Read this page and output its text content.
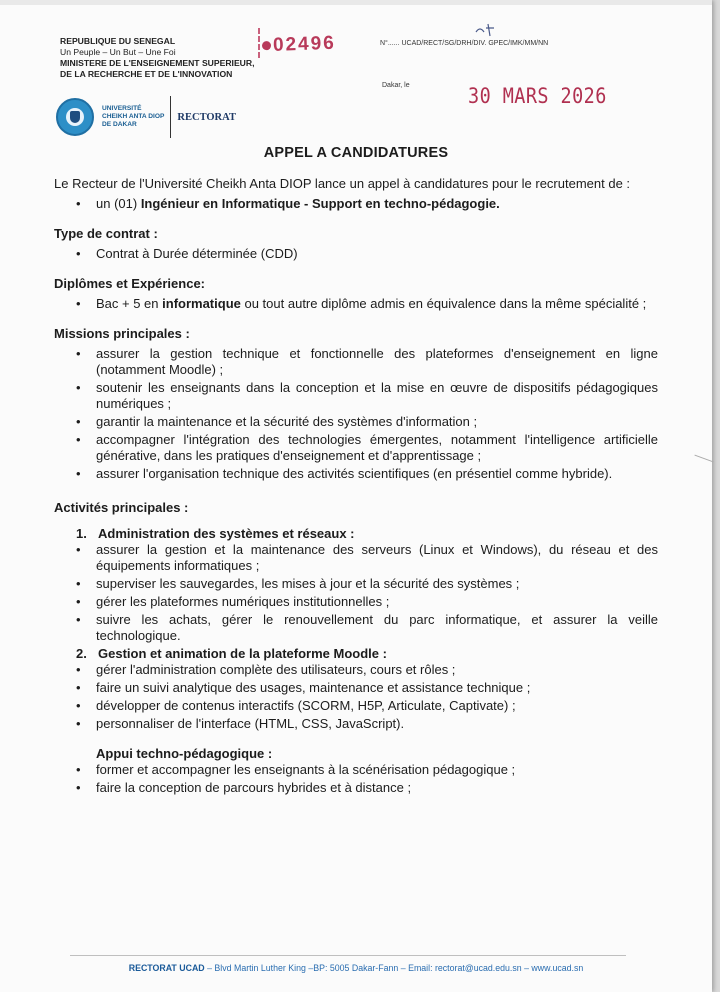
REPUBLIQUE DU SENEGAL
Un Peuple – Un But – Une Foi
MINISTERE DE L'ENSEIGNEMENT SUPERIEUR,
DE LA RECHERCHE ET DE L'INNOVATION
UNIVERSITÉ
CHEIKH ANTA DIOP
DE DAKAR
RECTORAT
02496	N°...... UCAD/RECT/SG/DRH/DIV. GPEC/IMK/MM/NN
Dakar, le	30 MARS 2026
APPEL A CANDIDATURES
Le Recteur de l'Université Cheikh Anta DIOP lance un appel à candidatures pour le recrutement de :
• un (01) Ingénieur en Informatique - Support en techno-pédagogie.
Type de contrat :
• Contrat à Durée déterminée (CDD)
Diplômes et Expérience:
• Bac + 5 en informatique ou tout autre diplôme admis en équivalence dans la même spécialité ;
Missions principales :
• assurer la gestion technique et fonctionnelle des plateformes d'enseignement en ligne (notamment Moodle) ;
• soutenir les enseignants dans la conception et la mise en œuvre de dispositifs pédagogiques numériques ;
• garantir la maintenance et la sécurité des systèmes d'information ;
• accompagner l'intégration des technologies émergentes, notamment l'intelligence artificielle générative, dans les pratiques d'enseignement et d'apprentissage ;
• assurer l'organisation technique des activités scientifiques (en présentiel comme hybride).
Activités principales :
1. Administration des systèmes et réseaux :
• assurer la gestion et la maintenance des serveurs (Linux et Windows), du réseau et des équipements informatiques ;
• superviser les sauvegardes, les mises à jour et la sécurité des systèmes ;
• gérer les plateformes numériques institutionnelles ;
• suivre les achats, gérer le renouvellement du parc informatique, et assurer la veille technologique.
2. Gestion et animation de la plateforme Moodle :
• gérer l'administration complète des utilisateurs, cours et rôles ;
• faire un suivi analytique des usages, maintenance et assistance technique ;
• développer de contenus interactifs (SCORM, H5P, Articulate, Captivate) ;
• personnaliser de l'interface (HTML, CSS, JavaScript).
Appui techno-pédagogique :
• former et accompagner les enseignants à la scénérisation pédagogique ;
• faire la conception de parcours hybrides et à distance ;
RECTORAT UCAD – Blvd Martin Luther King –BP: 5005 Dakar-Fann – Email: rectorat@ucad.edu.sn – www.ucad.sn
